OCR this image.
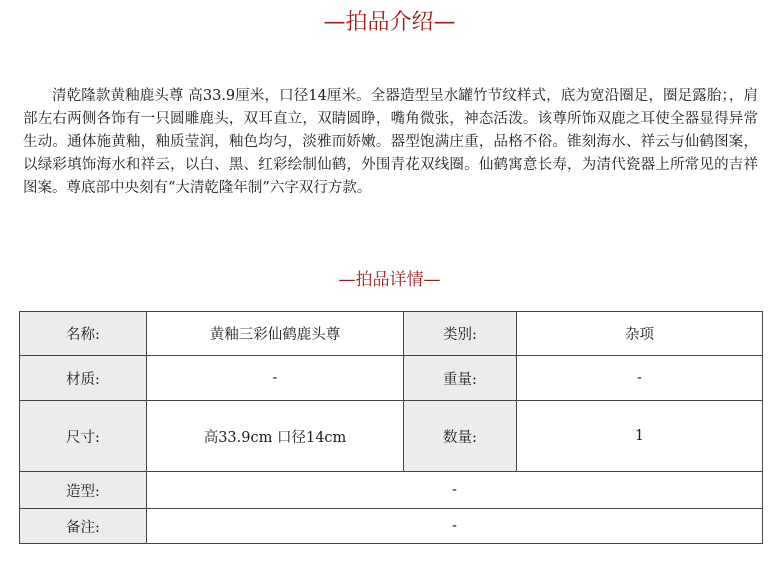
—拍品介绍—

清乾隆款黄釉鹿头尊 高33.9厘米，口径14厘米。全器造型呈水罐竹节纹样式，底为宽沿圈足，圈足露胎；，肩部左右两侧各饰有一只圆雕鹿头，双耳直立，双睛圆睁，嘴角微张，神态活泼。该尊所饰双鹿之耳使全器显得异常生动。通体施黄釉，釉质莹润，釉色均匀，淡雅而娇嫩。器型饱满庄重，品格不俗。锥刻海水、祥云与仙鹤图案，以绿彩填饰海水和祥云，以白、黑、红彩绘制仙鹤，外围青花双线圈。仙鹤寓意长寿，为清代瓷器上所常见的吉祥图案。尊底部中央刻有“大清乾隆年制”六字双行方款。

—拍品详情—
名称:	黄釉三彩仙鹤鹿头尊	类别:	杂项
材质:	-	重量:	-
尺寸:	高33.9cm 口径14cm	数量:	1
造型:	-		
备注:	-		
